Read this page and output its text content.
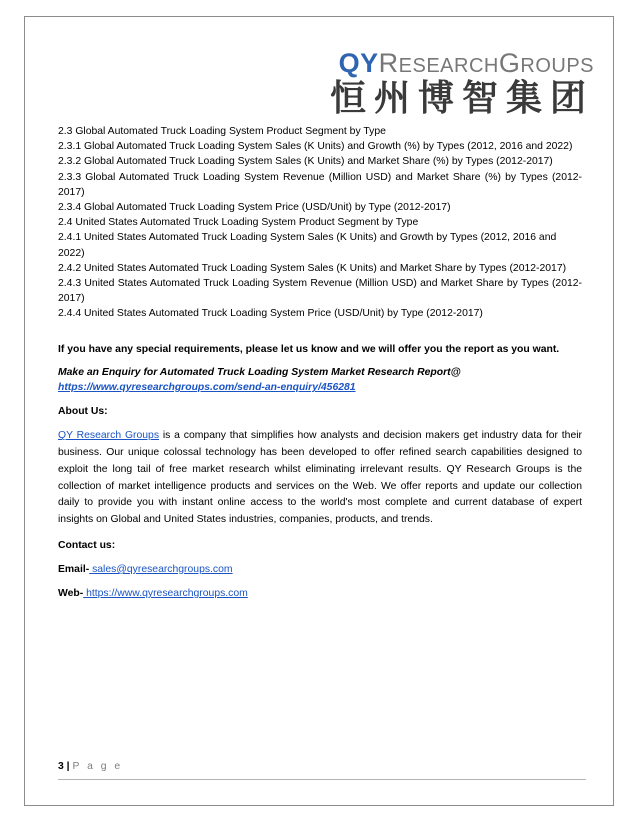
QYRESEARCHGROUPS
恒州博智集团

2.3 Global Automated Truck Loading System Product Segment by Type

2.3.1 Global Automated Truck Loading System Sales (K Units) and Growth (%) by Types (2012, 2016 and 2022)

2.3.2 Global Automated Truck Loading System Sales (K Units) and Market Share (%) by Types (2012-2017)

2.3.3 Global Automated Truck Loading System Revenue (Million USD) and Market Share (%) by Types (2012-2017)

2.3.4 Global Automated Truck Loading System Price (USD/Unit) by Type (2012-2017)

2.4 United States Automated Truck Loading System Product Segment by Type

2.4.1 United States Automated Truck Loading System Sales (K Units) and Growth by Types (2012, 2016 and 2022)

2.4.2 United States Automated Truck Loading System Sales (K Units) and Market Share by Types (2012-2017)

2.4.3 United States Automated Truck Loading System Revenue (Million USD) and Market Share by Types (2012-2017)

2.4.4 United States Automated Truck Loading System Price (USD/Unit) by Type (2012-2017)

If you have any special requirements, please let us know and we will offer you the report as you want.

Make an Enquiry for Automated Truck Loading System Market Research Report@

https://www.qyresearchgroups.com/send-an-enquiry/456281

About Us:

QY Research Groups is a company that simplifies how analysts and decision makers get industry data for their business. Our unique colossal technology has been developed to offer refined search capabilities designed to exploit the long tail of free market research whilst eliminating irrelevant results. QY Research Groups is the collection of market intelligence products and services on the Web. We offer reports and update our collection daily to provide you with instant online access to the world's most complete and current database of expert insights on Global and United States industries, companies, products, and trends.

Contact us:

Email- sales@qyresearchgroups.com

Web- https://www.qyresearchgroups.com

3 | P a g e
